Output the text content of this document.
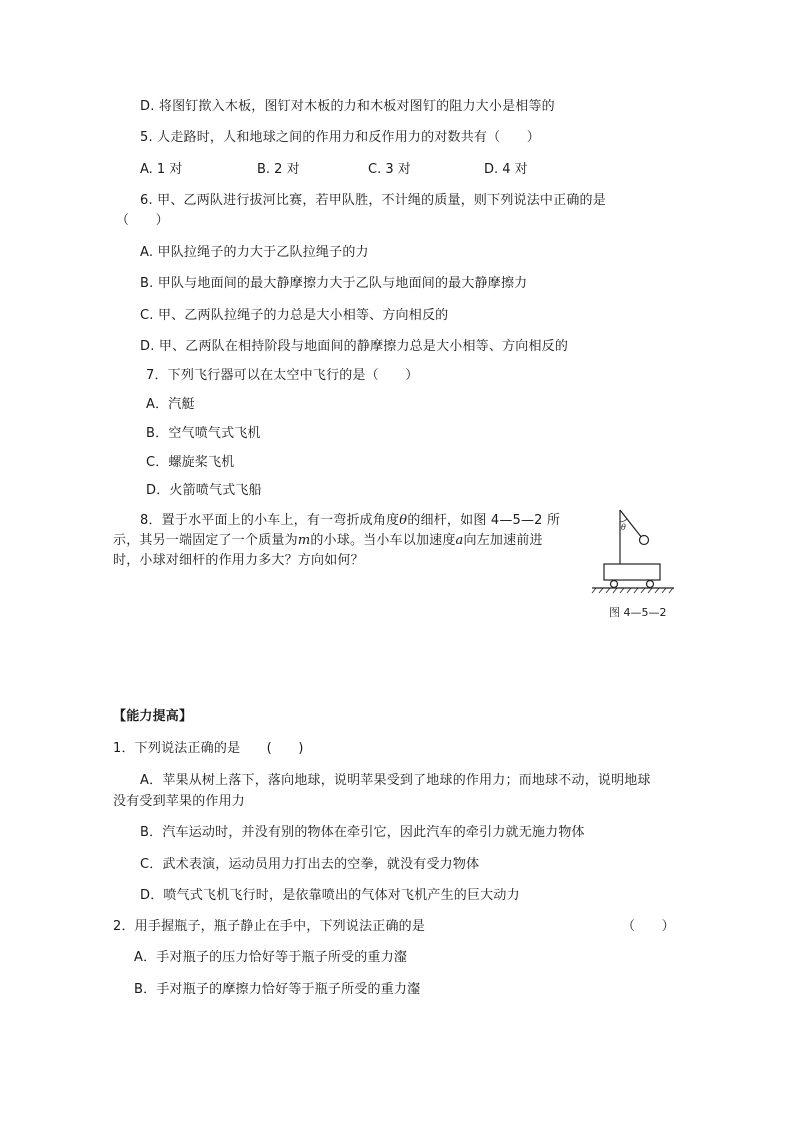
D. 将图钉揿入木板，图钉对木板的力和木板对图钉的阻力大小是相等的
5. 人走路时，人和地球之间的作用力和反作用力的对数共有（　　）
A. 1 对	B. 2 对	C. 3 对	D. 4 对
6. 甲、乙两队进行拔河比赛，若甲队胜，不计绳的质量，则下列说法中正确的是
（　　）
A. 甲队拉绳子的力大于乙队拉绳子的力
B. 甲队与地面间的最大静摩擦力大于乙队与地面间的最大静摩擦力
C. 甲、乙两队拉绳子的力总是大小相等、方向相反的
D. 甲、乙两队在相持阶段与地面间的静摩擦力总是大小相等、方向相反的
7．下列飞行器可以在太空中飞行的是（　　）
A．汽艇
B．空气喷气式飞机
C．螺旋桨飞机
D．火箭喷气式飞船
8．置于水平面上的小车上，有一弯折成角度θ的细杆，如图 4—5—2 所
示，其另一端固定了一个质量为m的小球。当小车以加速度a向左加速前进
时，小球对细杆的作用力多大？方向如何？
θ
图 4—5—2
【能力提高】
1．下列说法正确的是　　(　　)
A．苹果从树上落下，落向地球，说明苹果受到了地球的作用力；而地球不动，说明地球
没有受到苹果的作用力
B．汽车运动时，并没有别的物体在牵引它，因此汽车的牵引力就无施力物体
C．武术表演，运动员用力打出去的空拳，就没有受力物体
D．喷气式飞机飞行时，是依靠喷出的气体对飞机产生的巨大动力
2．用手握瓶子，瓶子静止在手中，下列说法正确的是	（　　）
A．手对瓶子的压力恰好等于瓶子所受的重力瀣
B．手对瓶子的摩擦力恰好等于瓶子所受的重力瀣
